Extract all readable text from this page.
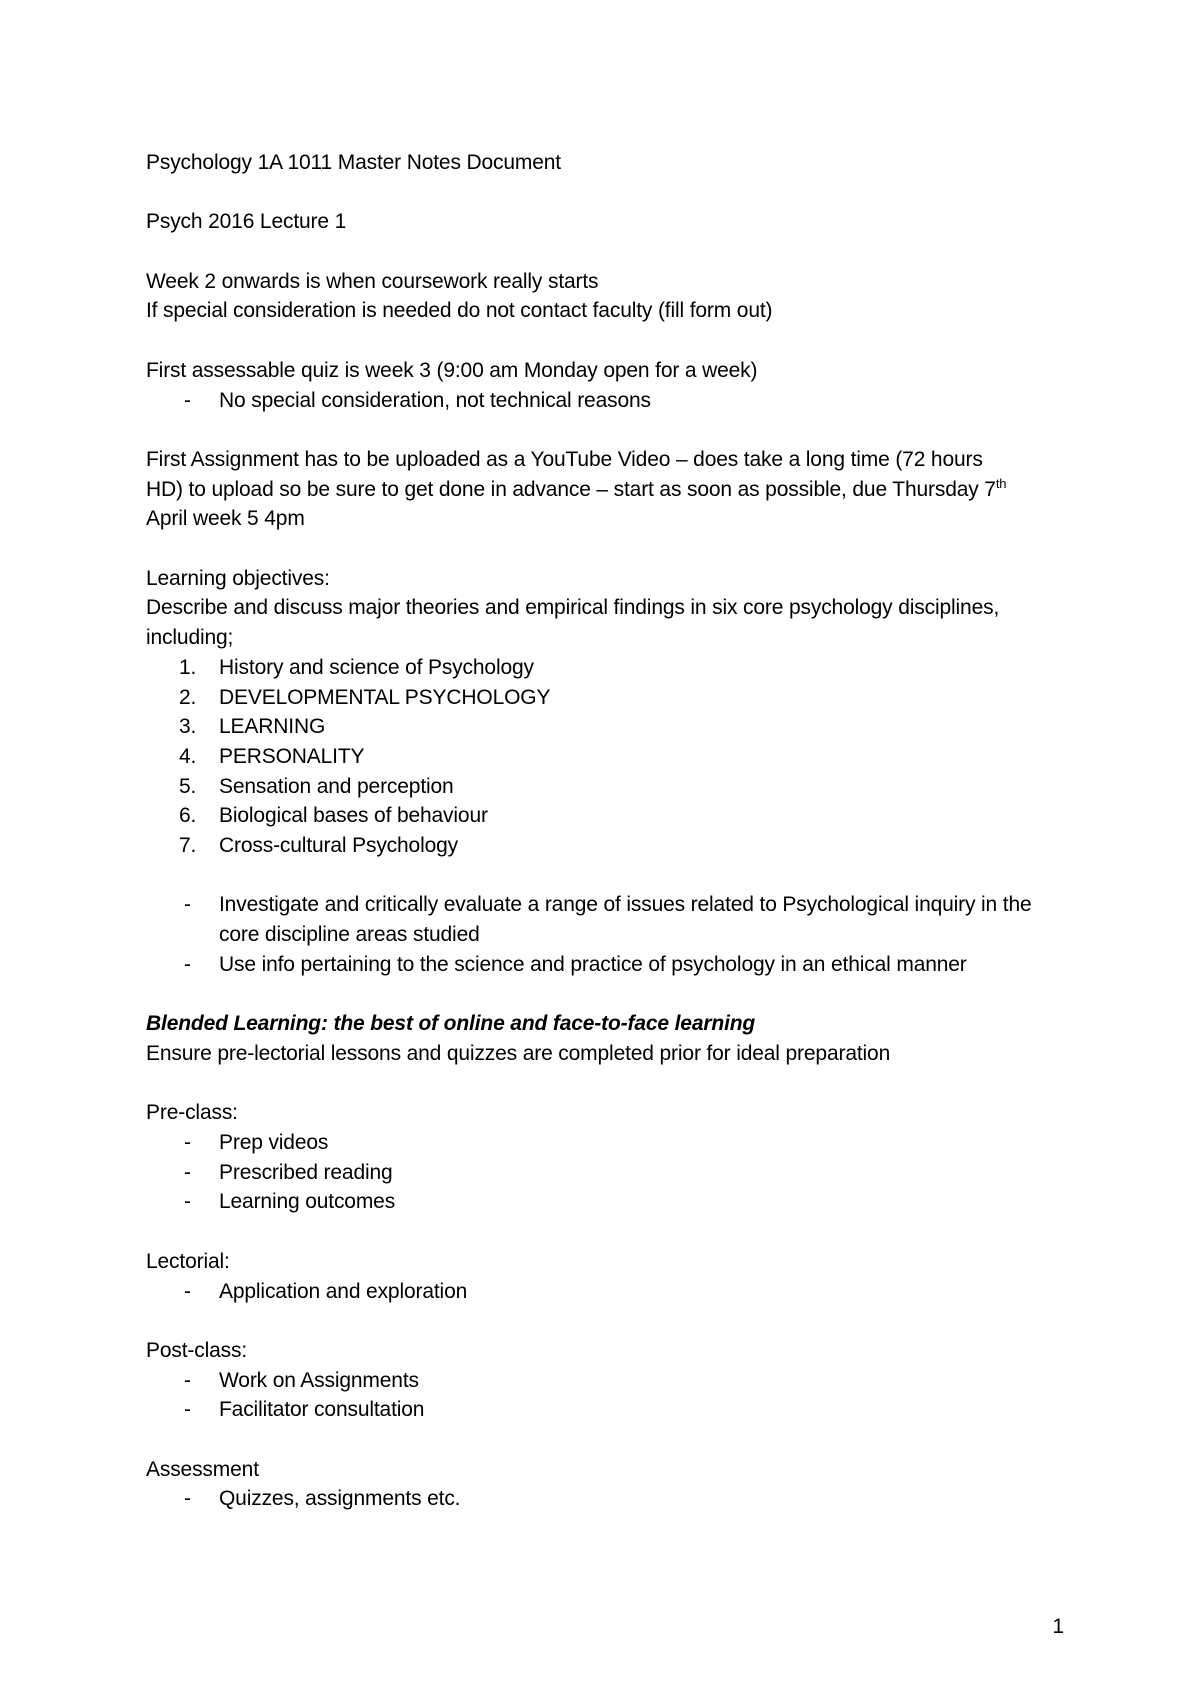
Psychology 1A 1011 Master Notes Document

Psych 2016 Lecture 1

Week 2 onwards is when coursework really starts

If special consideration is needed do not contact faculty (fill form out)

First assessable quiz is week 3 (9:00 am Monday open for a week)

- No special consideration, not technical reasons

First Assignment has to be uploaded as a YouTube Video – does take a long time (72 hours

HD) to upload so be sure to get done in advance – start as soon as possible, due Thursday 7th

April week 5 4pm

Learning objectives:

Describe and discuss major theories and empirical findings in six core psychology disciplines,

including;

1. History and science of Psychology
2. DEVELOPMENTAL PSYCHOLOGY
3. LEARNING
4. PERSONALITY
5. Sensation and perception
6. Biological bases of behaviour
7. Cross-cultural Psychology
- Investigate and critically evaluate a range of issues related to Psychological inquiry in the core discipline areas studied
- Use info pertaining to the science and practice of psychology in an ethical manner

Blended Learning: the best of online and face-to-face learning

Ensure pre-lectorial lessons and quizzes are completed prior for ideal preparation

Pre-class:

- Prep videos
- Prescribed reading
- Learning outcomes

Lectorial:

- Application and exploration

Post-class:

- Work on Assignments
- Facilitator consultation

Assessment

- Quizzes, assignments etc.
1
